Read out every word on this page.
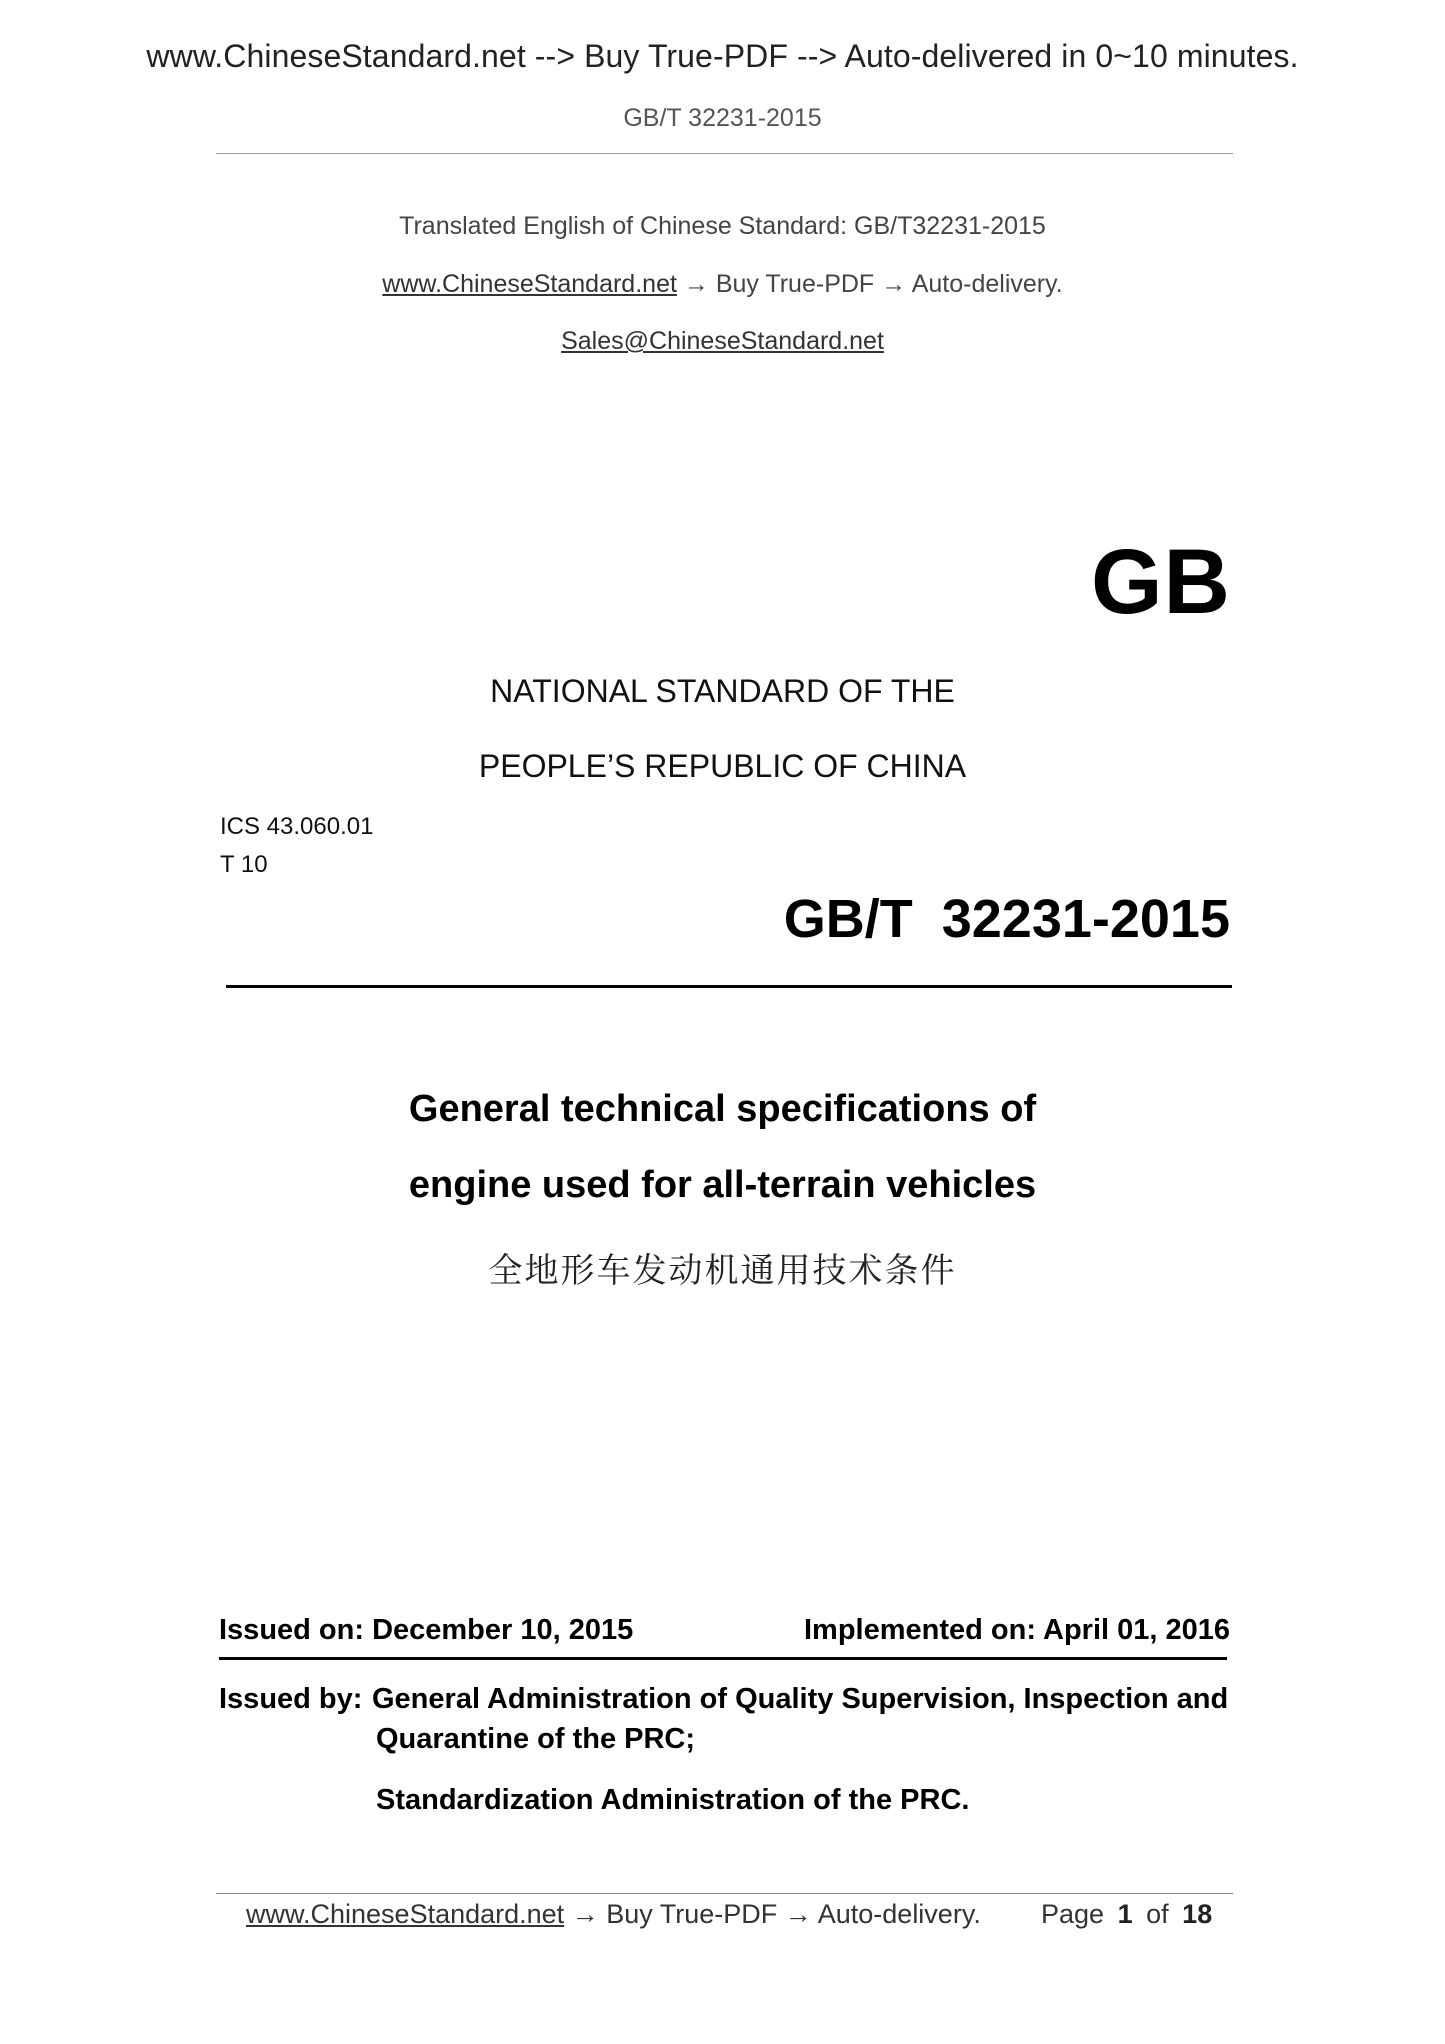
www.ChineseStandard.net --> Buy True-PDF --> Auto-delivered in 0~10 minutes.
GB/T 32231-2015
Translated English of Chinese Standard: GB/T32231-2015
www.ChineseStandard.net → Buy True-PDF → Auto-delivery.
Sales@ChineseStandard.net
GB
NATIONAL STANDARD OF THE
PEOPLE’S REPUBLIC OF CHINA
ICS 43.060.01
T 10
GB/T 32231-2015
General technical specifications of
engine used for all-terrain vehicles
全地形车发动机通用技术条件
Issued on: December 10, 2015	Implemented on: April 01, 2016
Issued by: General Administration of Quality Supervision, Inspection and
Quarantine of the PRC;
Standardization Administration of the PRC.
www.ChineseStandard.net → Buy True-PDF → Auto-delivery. Page 1 of 18
